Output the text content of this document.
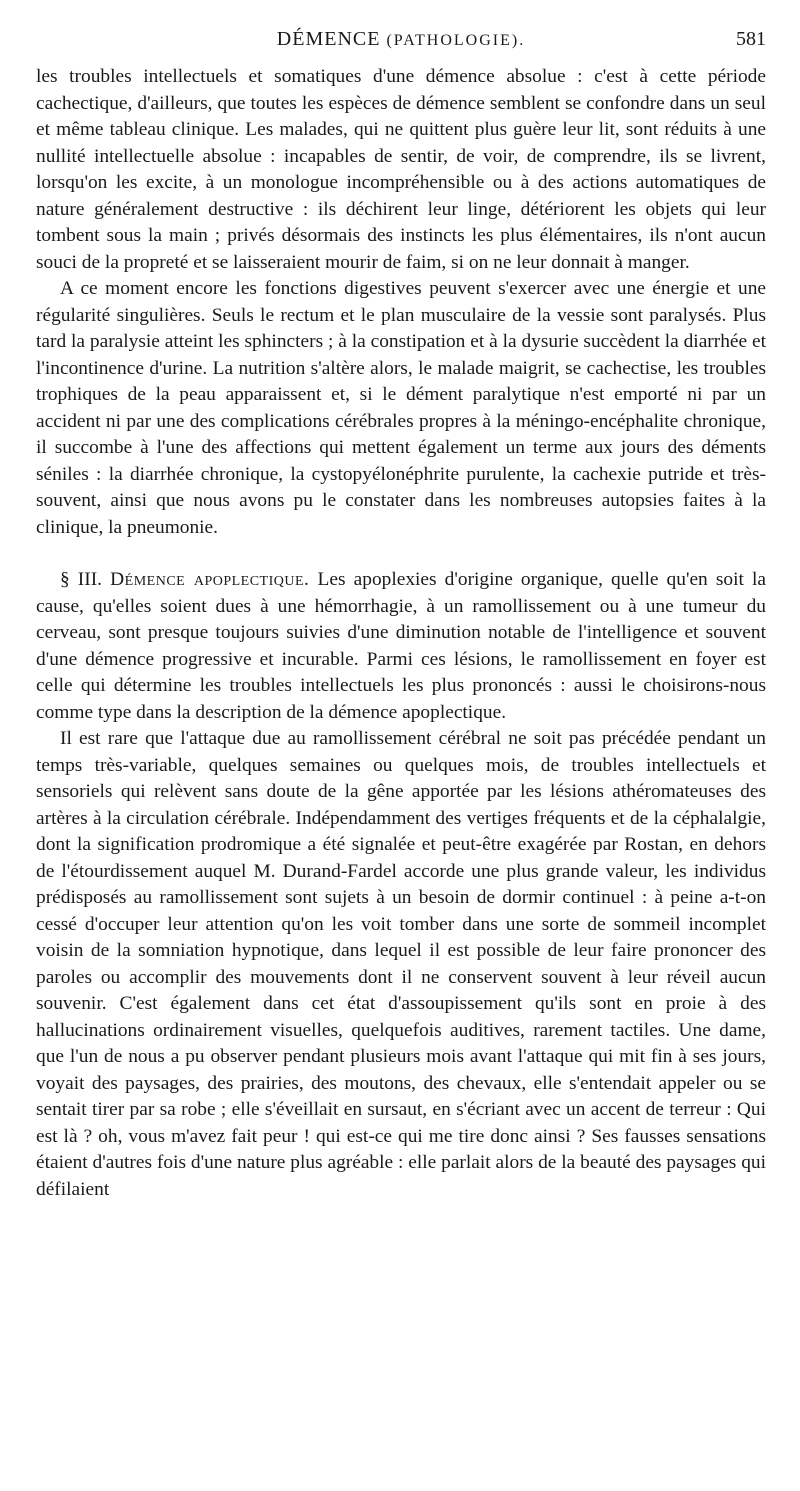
DÉMENCE (PATHOLOGIE).	581

les troubles intellectuels et somatiques d'une démence absolue : c'est à cette période cachectique, d'ailleurs, que toutes les espèces de démence semblent se confondre dans un seul et même tableau clinique. Les malades, qui ne quittent plus guère leur lit, sont réduits à une nullité intellectuelle absolue : incapables de sentir, de voir, de comprendre, ils se livrent, lorsqu'on les excite, à un monologue incompréhensible ou à des actions automatiques de nature généralement destructive : ils déchirent leur linge, détériorent les objets qui leur tombent sous la main ; privés désormais des instincts les plus élémentaires, ils n'ont aucun souci de la propreté et se laisseraient mourir de faim, si on ne leur donnait à manger.

A ce moment encore les fonctions digestives peuvent s'exercer avec une énergie et une régularité singulières. Seuls le rectum et le plan musculaire de la vessie sont paralysés. Plus tard la paralysie atteint les sphincters ; à la constipation et à la dysurie succèdent la diarrhée et l'incontinence d'urine. La nutrition s'altère alors, le malade maigrit, se cachectise, les troubles trophiques de la peau apparaissent et, si le dément paralytique n'est emporté ni par un accident ni par une des complications cérébrales propres à la méningo-encéphalite chronique, il succombe à l'une des affections qui mettent également un terme aux jours des déments séniles : la diarrhée chronique, la cystopyélonéphrite purulente, la cachexie putride et très-souvent, ainsi que nous avons pu le constater dans les nombreuses autopsies faites à la clinique, la pneumonie.

§ III. Démence apoplectique. Les apoplexies d'origine organique, quelle qu'en soit la cause, qu'elles soient dues à une hémorrhagie, à un ramollissement ou à une tumeur du cerveau, sont presque toujours suivies d'une diminution notable de l'intelligence et souvent d'une démence progressive et incurable. Parmi ces lésions, le ramollissement en foyer est celle qui détermine les troubles intellectuels les plus prononcés : aussi le choisirons-nous comme type dans la description de la démence apoplectique.

Il est rare que l'attaque due au ramollissement cérébral ne soit pas précédée pendant un temps très-variable, quelques semaines ou quelques mois, de troubles intellectuels et sensoriels qui relèvent sans doute de la gêne apportée par les lésions athéromateuses des artères à la circulation cérébrale. Indépendamment des vertiges fréquents et de la céphalalgie, dont la signification prodromique a été signalée et peut-être exagérée par Rostan, en dehors de l'étourdissement auquel M. Durand-Fardel accorde une plus grande valeur, les individus prédisposés au ramollissement sont sujets à un besoin de dormir continuel : à peine a-t-on cessé d'occuper leur attention qu'on les voit tomber dans une sorte de sommeil incomplet voisin de la somniation hypnotique, dans lequel il est possible de leur faire prononcer des paroles ou accomplir des mouvements dont il ne conservent souvent à leur réveil aucun souvenir. C'est également dans cet état d'assoupissement qu'ils sont en proie à des hallucinations ordinairement visuelles, quelquefois auditives, rarement tactiles. Une dame, que l'un de nous a pu observer pendant plusieurs mois avant l'attaque qui mit fin à ses jours, voyait des paysages, des prairies, des moutons, des chevaux, elle s'entendait appeler ou se sentait tirer par sa robe ; elle s'éveillait en sursaut, en s'écriant avec un accent de terreur : Qui est là ? oh, vous m'avez fait peur ! qui est-ce qui me tire donc ainsi ? Ses fausses sensations étaient d'autres fois d'une nature plus agréable : elle parlait alors de la beauté des paysages qui défilaient
